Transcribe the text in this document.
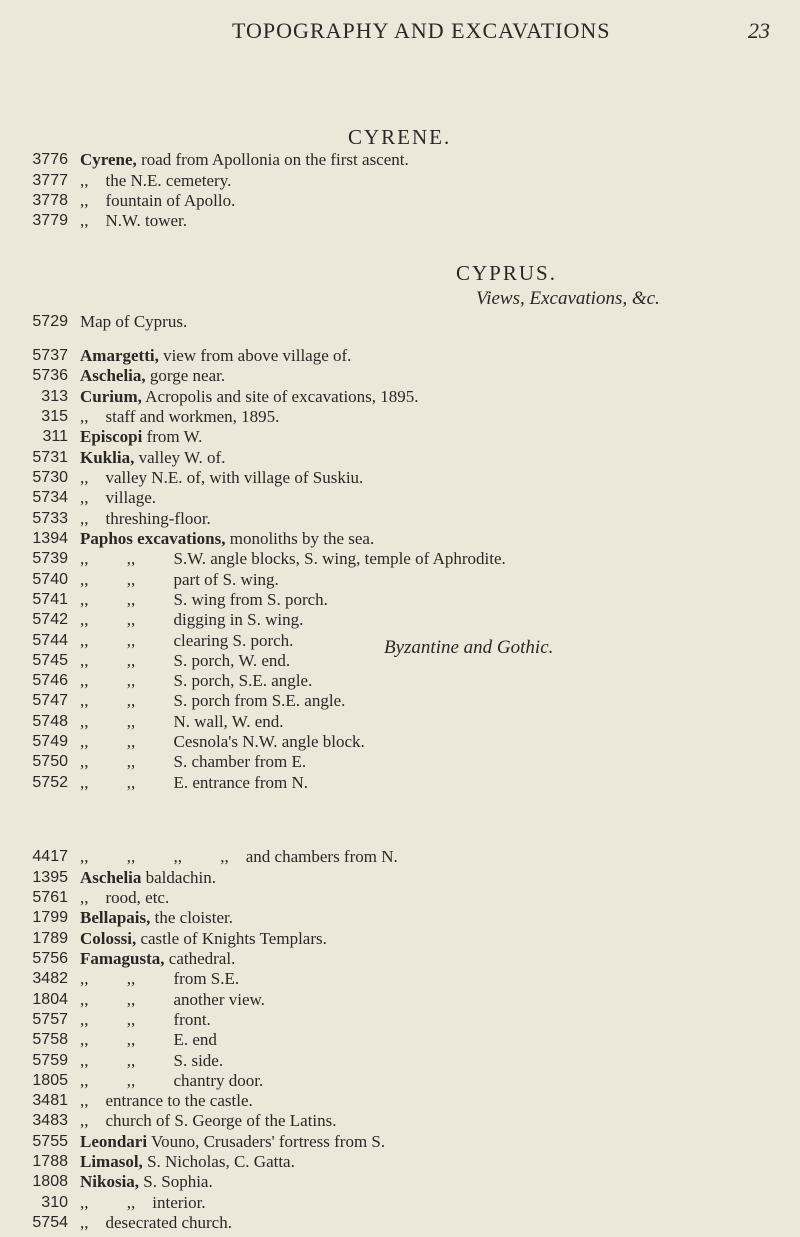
TOPOGRAPHY AND EXCAVATIONS	23
CYRENE.
CYPRUS.
Views, Excavations, &c.
Byzantine and Gothic.
3776 Cyrene, road from Apollonia on the first ascent.
3777 ,,    the N.E. cemetery.
3778 ,,    fountain of Apollo.
3779 ,,    N.W. tower.
5729 Map of Cyprus.
5737 Amargetti, view from above village of.
5736 Aschelia, gorge near.
313 Curium, Acropolis and site of excavations, 1895.
315 ,,    staff and workmen, 1895.
311 Episcopi from W.
5731 Kuklia, valley W. of.
5730 ,,    valley N.E. of, with village of Suskiu.
5734 ,,    village.
5733 ,,    threshing-floor.
1394 Paphos excavations, monoliths by the sea.
5739 ,,         ,,         S.W. angle blocks, S. wing, temple of Aphrodite.
5740 ,,         ,,         part of S. wing.
5741 ,,         ,,         S. wing from S. porch.
5742 ,,         ,,         digging in S. wing.
5744 ,,         ,,         clearing S. porch.
5745 ,,         ,,         S. porch, W. end.
5746 ,,         ,,         S. porch, S.E. angle.
5747 ,,         ,,         S. porch from S.E. angle.
5748 ,,         ,,         N. wall, W. end.
5749 ,,         ,,         Cesnola's N.W. angle block.
5750 ,,         ,,         S. chamber from E.
5752 ,,         ,,         E. entrance from N.
4417 ,,         ,,         ,,         ,,    and chambers from N.
1395 Aschelia baldachin.
5761 ,,    rood, etc.
1799 Bellapais, the cloister.
1789 Colossi, castle of Knights Templars.
5756 Famagusta, cathedral.
3482 ,,         ,,         from S.E.
1804 ,,         ,,         another view.
5757 ,,         ,,         front.
5758 ,,         ,,         E. end
5759 ,,         ,,         S. side.
1805 ,,         ,,         chantry door.
3481 ,,    entrance to the castle.
3483 ,,    church of S. George of the Latins.
5755 Leondari Vouno, Crusaders' fortress from S.
1788 Limasol, S. Nicholas, C. Gatta.
1808 Nikosia, S. Sophia.
310 ,,         ,,    interior.
5754 ,,    desecrated church.
